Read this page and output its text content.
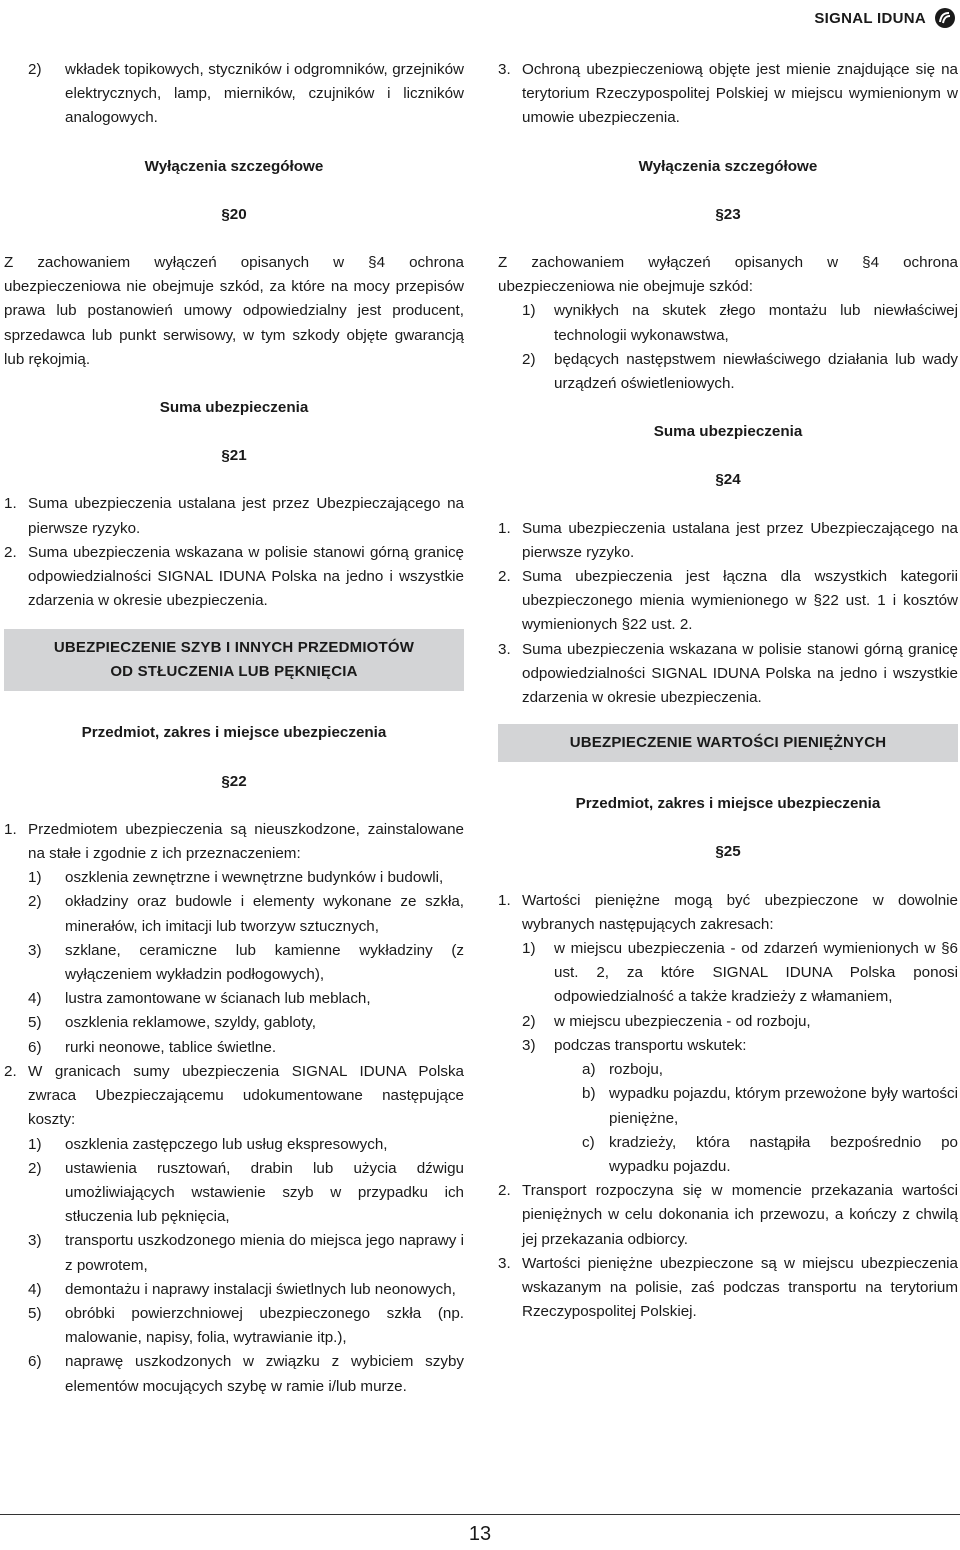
SIGNAL IDUNA
2) wkładek topikowych, styczników i odgromników, grzejników elektrycznych, lamp, mierników, czujników i liczników analogowych.

Wyłączenia szczegółowe

§20

Z zachowaniem wyłączeń opisanych w §4 ochrona ubezpieczeniowa nie obejmuje szkód, za które na mocy przepisów prawa lub postanowień umowy odpowiedzialny jest producent, sprzedawca lub punkt serwisowy, w tym szkody objęte gwarancją lub rękojmią.

Suma ubezpieczenia

§21

1. Suma ubezpieczenia ustalana jest przez Ubezpieczającego na pierwsze ryzyko.
2. Suma ubezpieczenia wskazana w polisie stanowi górną granicę odpowiedzialności SIGNAL IDUNA Polska na jedno i wszystkie zdarzenia w okresie ubezpieczenia.
UBEZPIECZENIE SZYB I INNYCH PRZEDMIOTÓW
OD STŁUCZENIA LUB PĘKNIĘCIA

Przedmiot, zakres i miejsce ubezpieczenia

§22

1. Przedmiotem ubezpieczenia są nieuszkodzone, zainstalowane na stałe i zgodnie z ich przeznaczeniem:
1) oszklenia zewnętrzne i wewnętrzne budynków i budowli,
2) okładziny oraz budowle i elementy wykonane ze szkła, minerałów, ich imitacji lub tworzyw sztucznych,
3) szklane, ceramiczne lub kamienne wykładziny (z wyłączeniem wykładzin podłogowych),
4) lustra zamontowane w ścianach lub meblach,
5) oszklenia reklamowe, szyldy, gabloty,
6) rurki neonowe, tablice świetlne.
2. W granicach sumy ubezpieczenia SIGNAL IDUNA Polska zwraca Ubezpieczającemu udokumentowane następujące koszty:
1) oszklenia zastępczego lub usług ekspresowych,
2) ustawienia rusztowań, drabin lub użycia dźwigu umożliwiających wstawienie szyb w przypadku ich stłuczenia lub pęknięcia,
3) transportu uszkodzonego mienia do miejsca jego naprawy i z powrotem,
4) demontażu i naprawy instalacji świetlnych lub neonowych,
5) obróbki powierzchniowej ubezpieczonego szkła (np. malowanie, napisy, folia, wytrawianie itp.),
6) naprawę uszkodzonych w związku z wybiciem szyby elementów mocujących szybę w ramie i/lub murze.
3. Ochroną ubezpieczeniową objęte jest mienie znajdujące się na terytorium Rzeczypospolitej Polskiej w miejscu wymienionym w umowie ubezpieczenia.

Wyłączenia szczegółowe

§23

Z zachowaniem wyłączeń opisanych w §4 ochrona ubezpieczeniowa nie obejmuje szkód:

1) wynikłych na skutek złego montażu lub niewłaściwej technologii wykonawstwa,
2) będących następstwem niewłaściwego działania lub wady urządzeń oświetleniowych.

Suma ubezpieczenia

§24

1. Suma ubezpieczenia ustalana jest przez Ubezpieczającego na pierwsze ryzyko.
2. Suma ubezpieczenia jest łączna dla wszystkich kategorii ubezpieczonego mienia wymienionego w §22 ust. 1 i kosztów wymienionych §22 ust. 2.
3. Suma ubezpieczenia wskazana w polisie stanowi górną granicę odpowiedzialności SIGNAL IDUNA Polska na jedno i wszystkie zdarzenia w okresie ubezpieczenia.
UBEZPIECZENIE WARTOŚCI PIENIĘŻNYCH

Przedmiot, zakres i miejsce ubezpieczenia

§25

1. Wartości pieniężne mogą być ubezpieczone w dowolnie wybranych następujących zakresach:
1) w miejscu ubezpieczenia - od zdarzeń wymienionych w §6 ust. 2, za które SIGNAL IDUNA Polska ponosi odpowiedzialność a także kradzieży z włamaniem,
2) w miejscu ubezpieczenia - od rozboju,
3) podczas transportu wskutek:
a) rozboju,
b) wypadku pojazdu, którym przewożone były wartości pieniężne,
c) kradzieży, która nastąpiła bezpośrednio po wypadku pojazdu.
2. Transport rozpoczyna się w momencie przekazania wartości pieniężnych w celu dokonania ich przewozu, a kończy z chwilą jej przekazania odbiorcy.
3. Wartości pieniężne ubezpieczone są w miejscu ubezpieczenia wskazanym na polisie, zaś podczas transportu na terytorium Rzeczypospolitej Polskiej.
13
